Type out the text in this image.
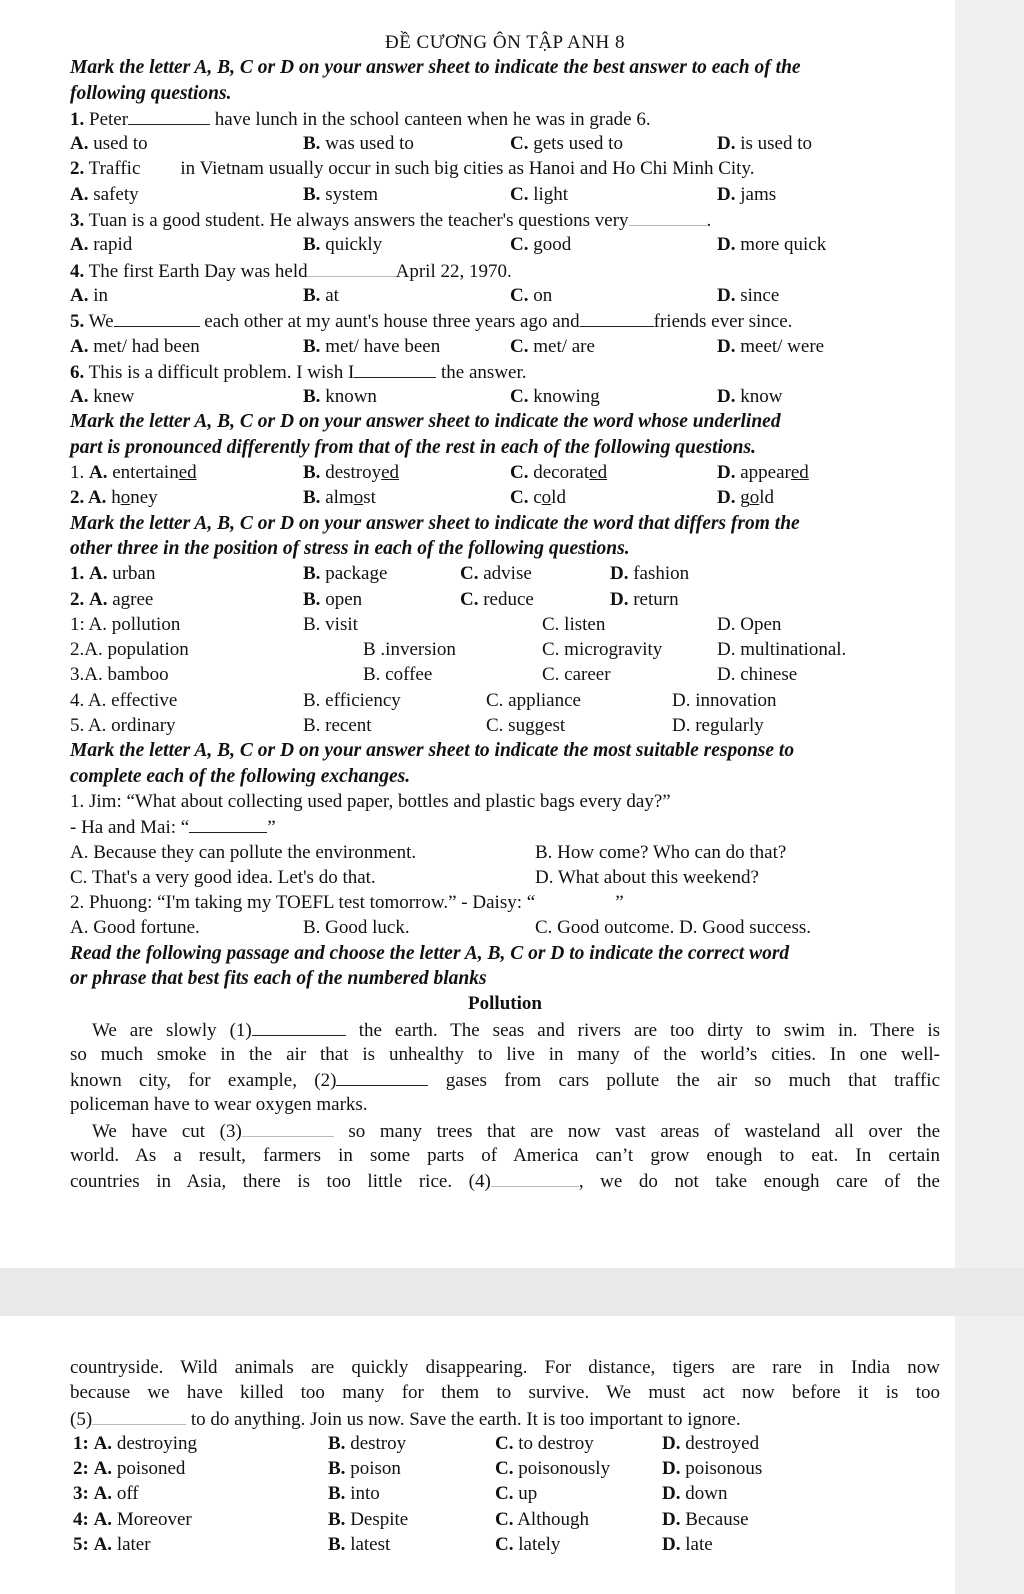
ĐỀ CƯƠNG ÔN TẬP ANH 8
Mark the letter A, B, C or D on your answer sheet to indicate the best answer to each of the
following questions.
1. Peter	have lunch in the school canteen when he was in grade 6.
A. used to	B. was used to	C. gets used to	D. is used to
2. Traffic in Vietnam usually occur in such big cities as Hanoi and Ho Chi Minh City.
A. safety	B. system	C. light	D. jams
3. Tuan is a good student. He always answers the teacher's questions very	.
A. rapid	B. quickly	C. good	D. more quick
4. The first Earth Day was held	April 22, 1970.
A. in	B. at	C. on	D. since
5. We	each other at my aunt's house three years ago and	friends ever since.
A. met/ had been	B. met/ have been	C. met/ are	D. meet/ were
6. This is a difficult problem. I wish I	the answer.
A. knew	B. known	C. knowing	D. know
Mark the letter A, B, C or D on your answer sheet to indicate the word whose underlined
part is pronounced differently from that of the rest in each of the following questions.
1. A. entertained	B. destroyed	C. decorated	D. appeared
2. A. honey	B. almost	C. cold	D. gold
Mark the letter A, B, C or D on your answer sheet to indicate the word that differs from the
other three in the position of stress in each of the following questions.
1. A. urban	B. package	C. advise	D. fashion
2. A. agree	B. open	C. reduce	D. return
1: A. pollution	B. visit	C. listen	D. Open
2.A. population	B .inversion	C. microgravity	D. multinational.
3.A. bamboo	B. coffee	C. career	D. chinese
4. A. effective	B. efficiency	C. appliance	D. innovation
5. A. ordinary	B. recent	C. suggest	D. regularly
Mark the letter A, B, C or D on your answer sheet to indicate the most suitable response to
complete each of the following exchanges.
1. Jim: “What about collecting used paper, bottles and plastic bags every day?”
- Ha and Mai: “	”
A. Because they can pollute the environment.	B. How come? Who can do that?
C. That's a very good idea. Let's do that.	D. What about this weekend?
2. Phuong: “I'm taking my TOEFL test tomorrow.” - Daisy: “	”
A. Good fortune.	B. Good luck.	C. Good outcome. D. Good success.
Read the following passage and choose the letter A, B, C or D to indicate the correct word
or phrase that best fits each of the numbered blanks
Pollution
We are slowly (1)	the earth. The seas and rivers are too dirty to swim in. There is
so much smoke in the air that is unhealthy to live in many of the world’s cities. In one well-
known city, for example, (2)	gases from cars pollute the air so much that traffic
policeman have to wear oxygen marks.
We have cut (3)	so many trees that are now vast areas of wasteland all over the
world. As a result, farmers in some parts of America can’t grow enough to eat. In certain
countries in Asia, there is too little rice. (4)	, we do not take enough care of the
countryside. Wild animals are quickly disappearing. For distance, tigers are rare in India now
because we have killed too many for them to survive. We must act now before it is too
(5)	to do anything. Join us now. Save the earth. It is too important to ignore.
1: A. destroying	B. destroy	C. to destroy	D. destroyed
2: A. poisoned	B. poison	C. poisonously	D. poisonous
3: A. off	B. into	C. up	D. down
4: A. Moreover	B. Despite	C. Although	D. Because
5: A. later	B. latest	C. lately	D. late
